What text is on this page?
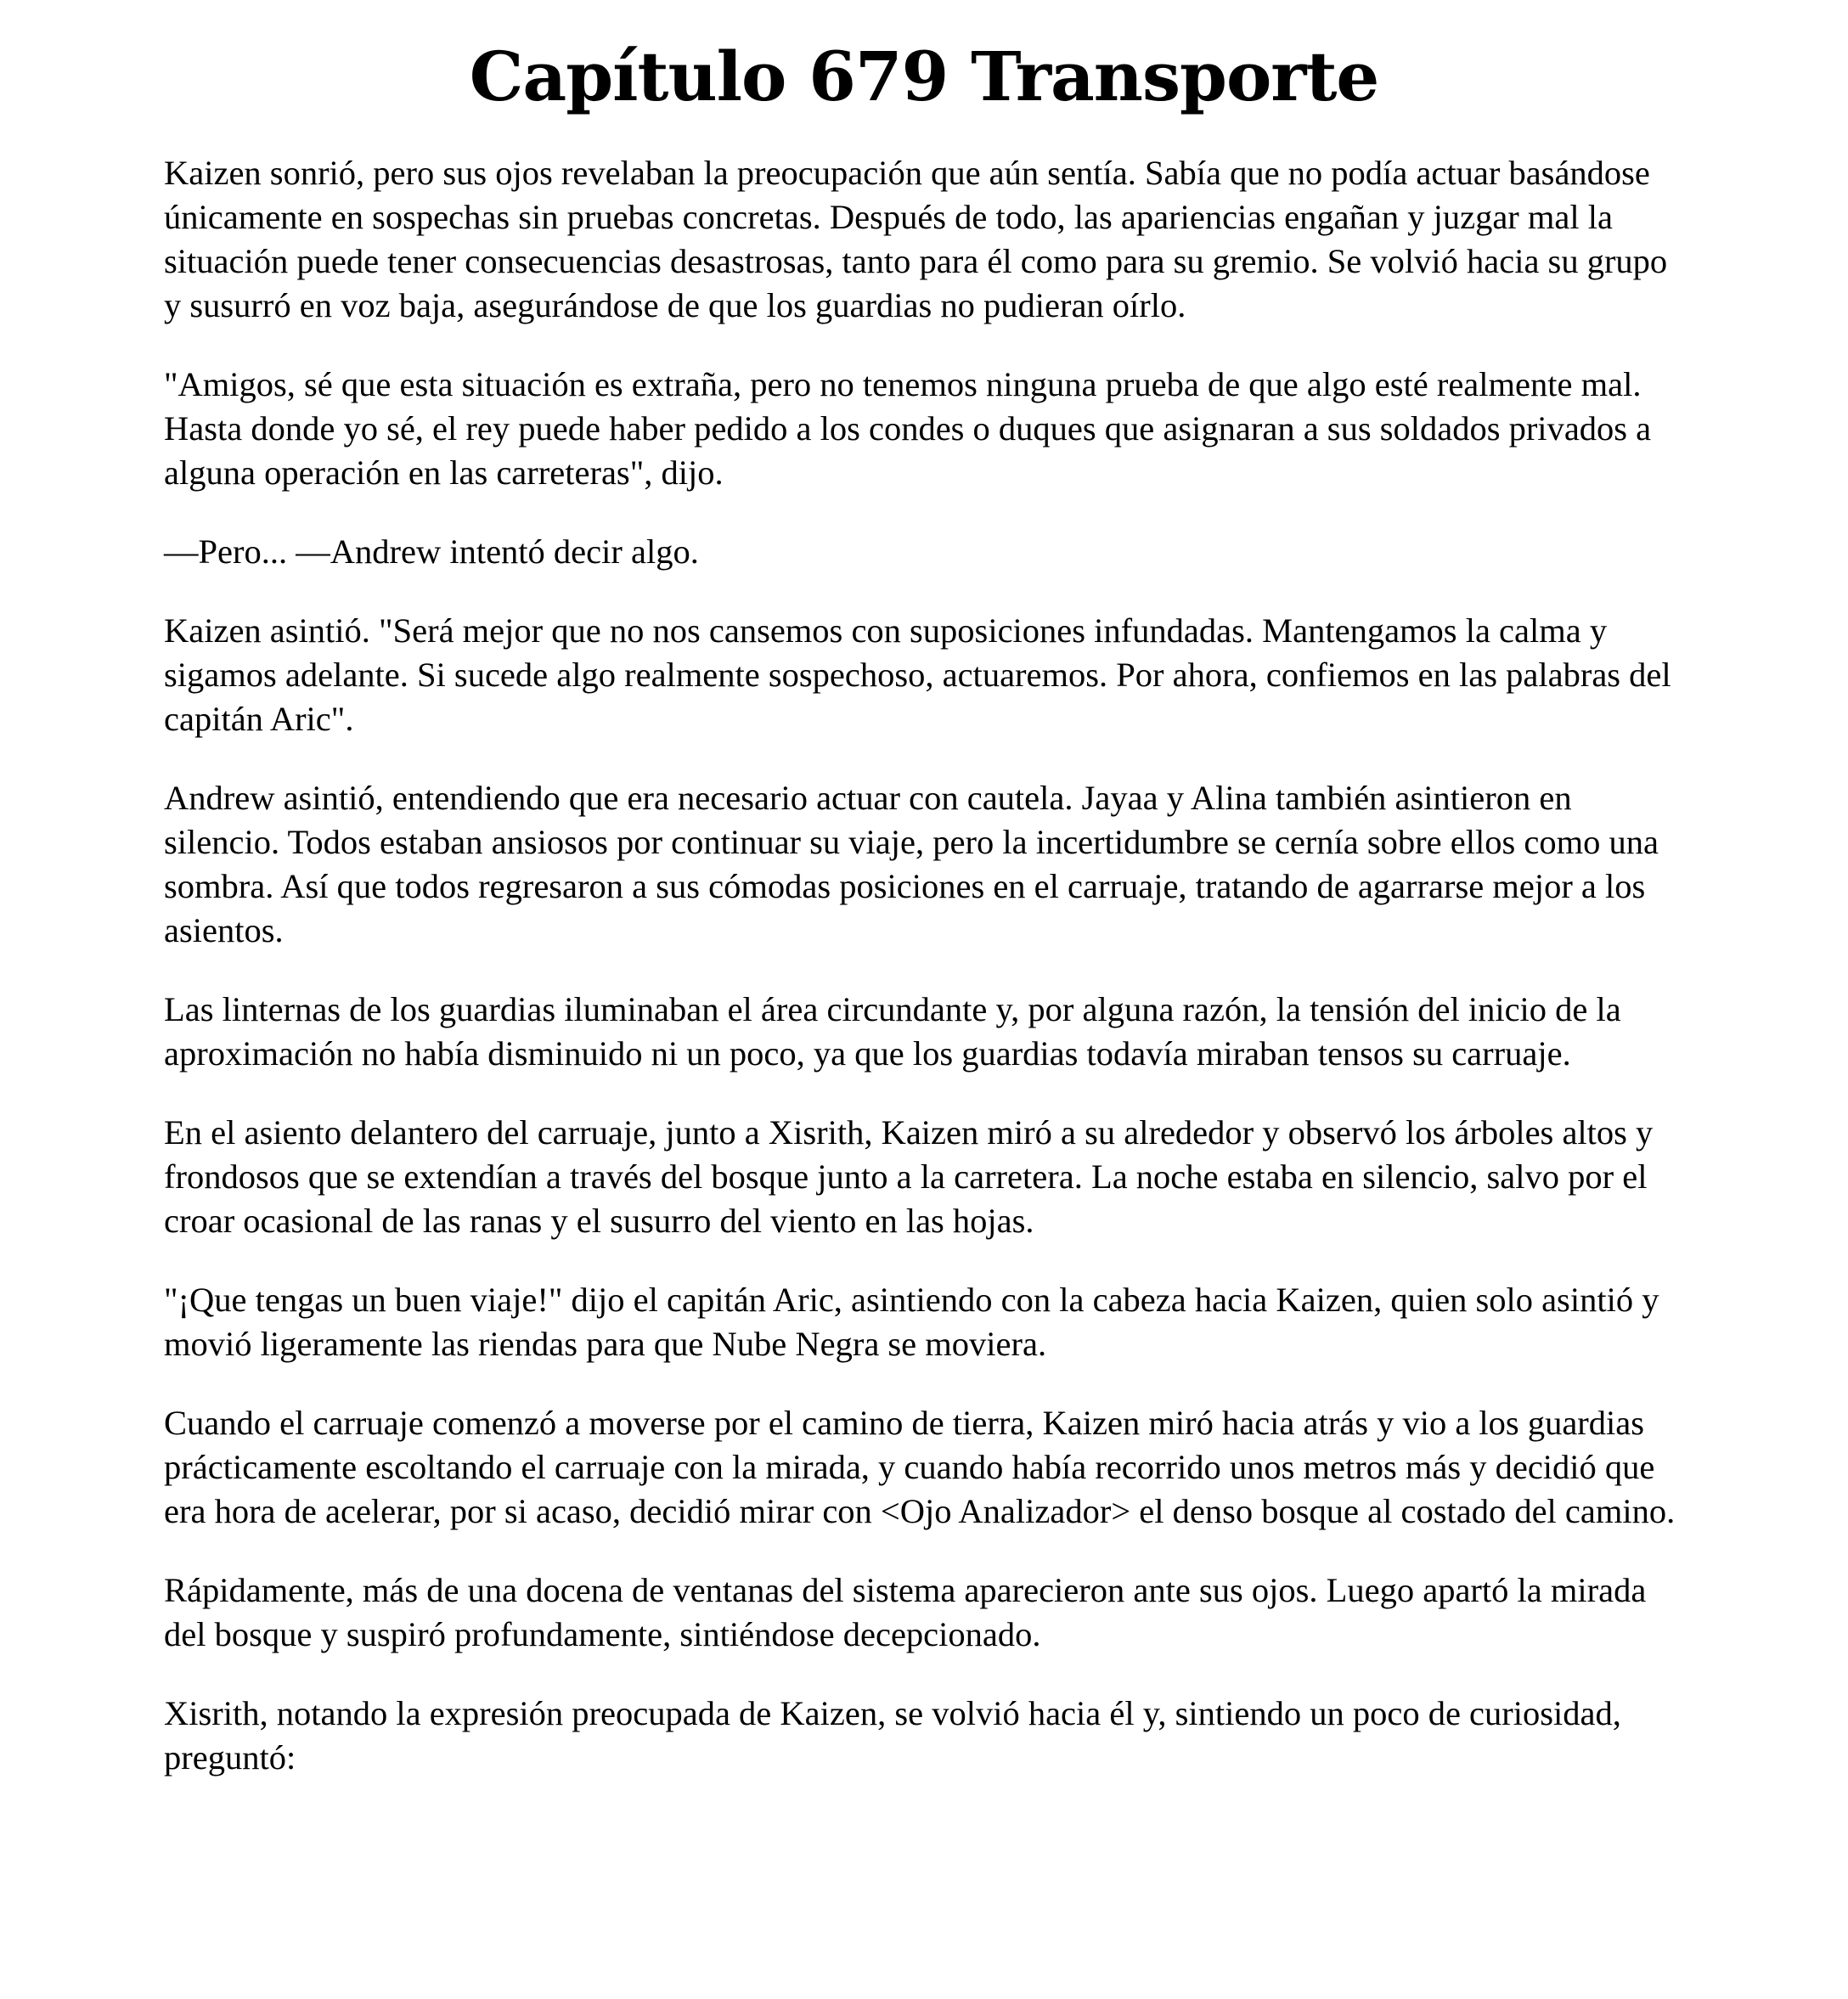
Capítulo 679 Transporte

Kaizen sonrió, pero sus ojos revelaban la preocupación que aún sentía. Sabía que no podía actuar basándose únicamente en sospechas sin pruebas concretas. Después de todo, las apariencias engañan y juzgar mal la situación puede tener consecuencias desastrosas, tanto para él como para su gremio. Se volvió hacia su grupo y susurró en voz baja, asegurándose de que los guardias no pudieran oírlo.

"Amigos, sé que esta situación es extraña, pero no tenemos ninguna prueba de que algo esté realmente mal. Hasta donde yo sé, el rey puede haber pedido a los condes o duques que asignaran a sus soldados privados a alguna operación en las carreteras", dijo.

—Pero... —Andrew intentó decir algo.

Kaizen asintió. "Será mejor que no nos cansemos con suposiciones infundadas. Mantengamos la calma y sigamos adelante. Si sucede algo realmente sospechoso, actuaremos. Por ahora, confiemos en las palabras del capitán Aric".

Andrew asintió, entendiendo que era necesario actuar con cautela. Jayaa y Alina también asintieron en silencio. Todos estaban ansiosos por continuar su viaje, pero la incertidumbre se cernía sobre ellos como una sombra. Así que todos regresaron a sus cómodas posiciones en el carruaje, tratando de agarrarse mejor a los asientos.

Las linternas de los guardias iluminaban el área circundante y, por alguna razón, la tensión del inicio de la aproximación no había disminuido ni un poco, ya que los guardias todavía miraban tensos su carruaje.

En el asiento delantero del carruaje, junto a Xisrith, Kaizen miró a su alrededor y observó los árboles altos y frondosos que se extendían a través del bosque junto a la carretera. La noche estaba en silencio, salvo por el croar ocasional de las ranas y el susurro del viento en las hojas.

"¡Que tengas un buen viaje!" dijo el capitán Aric, asintiendo con la cabeza hacia Kaizen, quien solo asintió y movió ligeramente las riendas para que Nube Negra se moviera.

Cuando el carruaje comenzó a moverse por el camino de tierra, Kaizen miró hacia atrás y vio a los guardias prácticamente escoltando el carruaje con la mirada, y cuando había recorrido unos metros más y decidió que era hora de acelerar, por si acaso, decidió mirar con <Ojo Analizador> el denso bosque al costado del camino.

Rápidamente, más de una docena de ventanas del sistema aparecieron ante sus ojos. Luego apartó la mirada del bosque y suspiró profundamente, sintiéndose decepcionado.

Xisrith, notando la expresión preocupada de Kaizen, se volvió hacia él y, sintiendo un poco de curiosidad, preguntó:
